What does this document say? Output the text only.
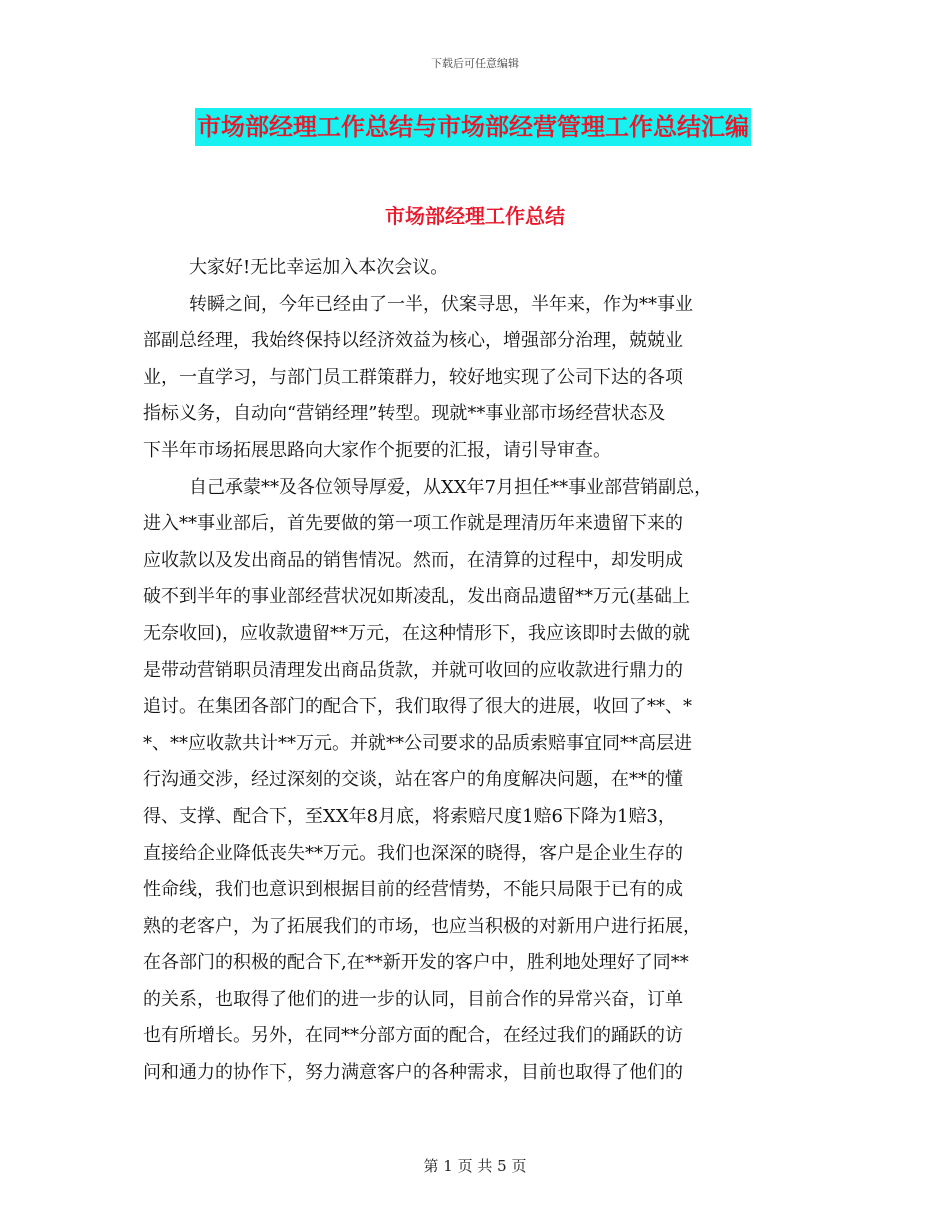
下载后可任意编辑
市场部经理工作总结与市场部经营管理工作总结汇编
市场部经理工作总结
大家好!无比幸运加入本次会议。
转瞬之间，今年已经由了一半，伏案寻思，半年来，作为**事业
部副总经理，我始终保持以经济效益为核心，增强部分治理，兢兢业
业，一直学习，与部门员工群策群力，较好地实现了公司下达的各项
指标义务，自动向“营销经理”转型。现就**事业部市场经营状态及
下半年市场拓展思路向大家作个扼要的汇报，请引导审查。
自己承蒙**及各位领导厚爱，从XX年7月担任**事业部营销副总，
进入**事业部后，首先要做的第一项工作就是理清历年来遗留下来的
应收款以及发出商品的销售情况。然而，在清算的过程中，却发明成
破不到半年的事业部经营状况如斯凌乱，发出商品遗留**万元(基础上
无奈收回)，应收款遗留**万元，在这种情形下，我应该即时去做的就
是带动营销职员清理发出商品货款，并就可收回的应收款进行鼎力的
追讨。在集团各部门的配合下，我们取得了很大的进展，收回了**、*
*、**应收款共计**万元。并就**公司要求的品质索赔事宜同**高层进
行沟通交涉，经过深刻的交谈，站在客户的角度解决问题，在**的懂
得、支撑、配合下，至XX年8月底，将索赔尺度1赔6下降为1赔3，
直接给企业降低丧失**万元。我们也深深的晓得，客户是企业生存的
性命线，我们也意识到根据目前的经营情势，不能只局限于已有的成
熟的老客户，为了拓展我们的市场，也应当积极的对新用户进行拓展，
在各部门的积极的配合下,在**新开发的客户中，胜利地处理好了同**
的关系，也取得了他们的进一步的认同，目前合作的异常兴奋，订单
也有所增长。另外，在同**分部方面的配合，在经过我们的踊跃的访
问和通力的协作下，努力满意客户的各种需求，目前也取得了他们的
第 1 页 共 5 页
